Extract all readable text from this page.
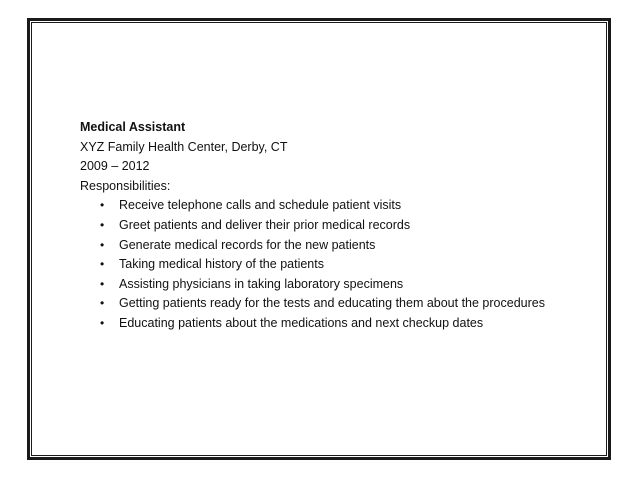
Medical Assistant

XYZ Family Health Center, Derby, CT

2009 – 2012

Responsibilities:

• Receive telephone calls and schedule patient visits
• Greet patients and deliver their prior medical records
• Generate medical records for the new patients
• Taking medical history of the patients
• Assisting physicians in taking laboratory specimens
• Getting patients ready for the tests and educating them about the procedures
• Educating patients about the medications and next checkup dates
